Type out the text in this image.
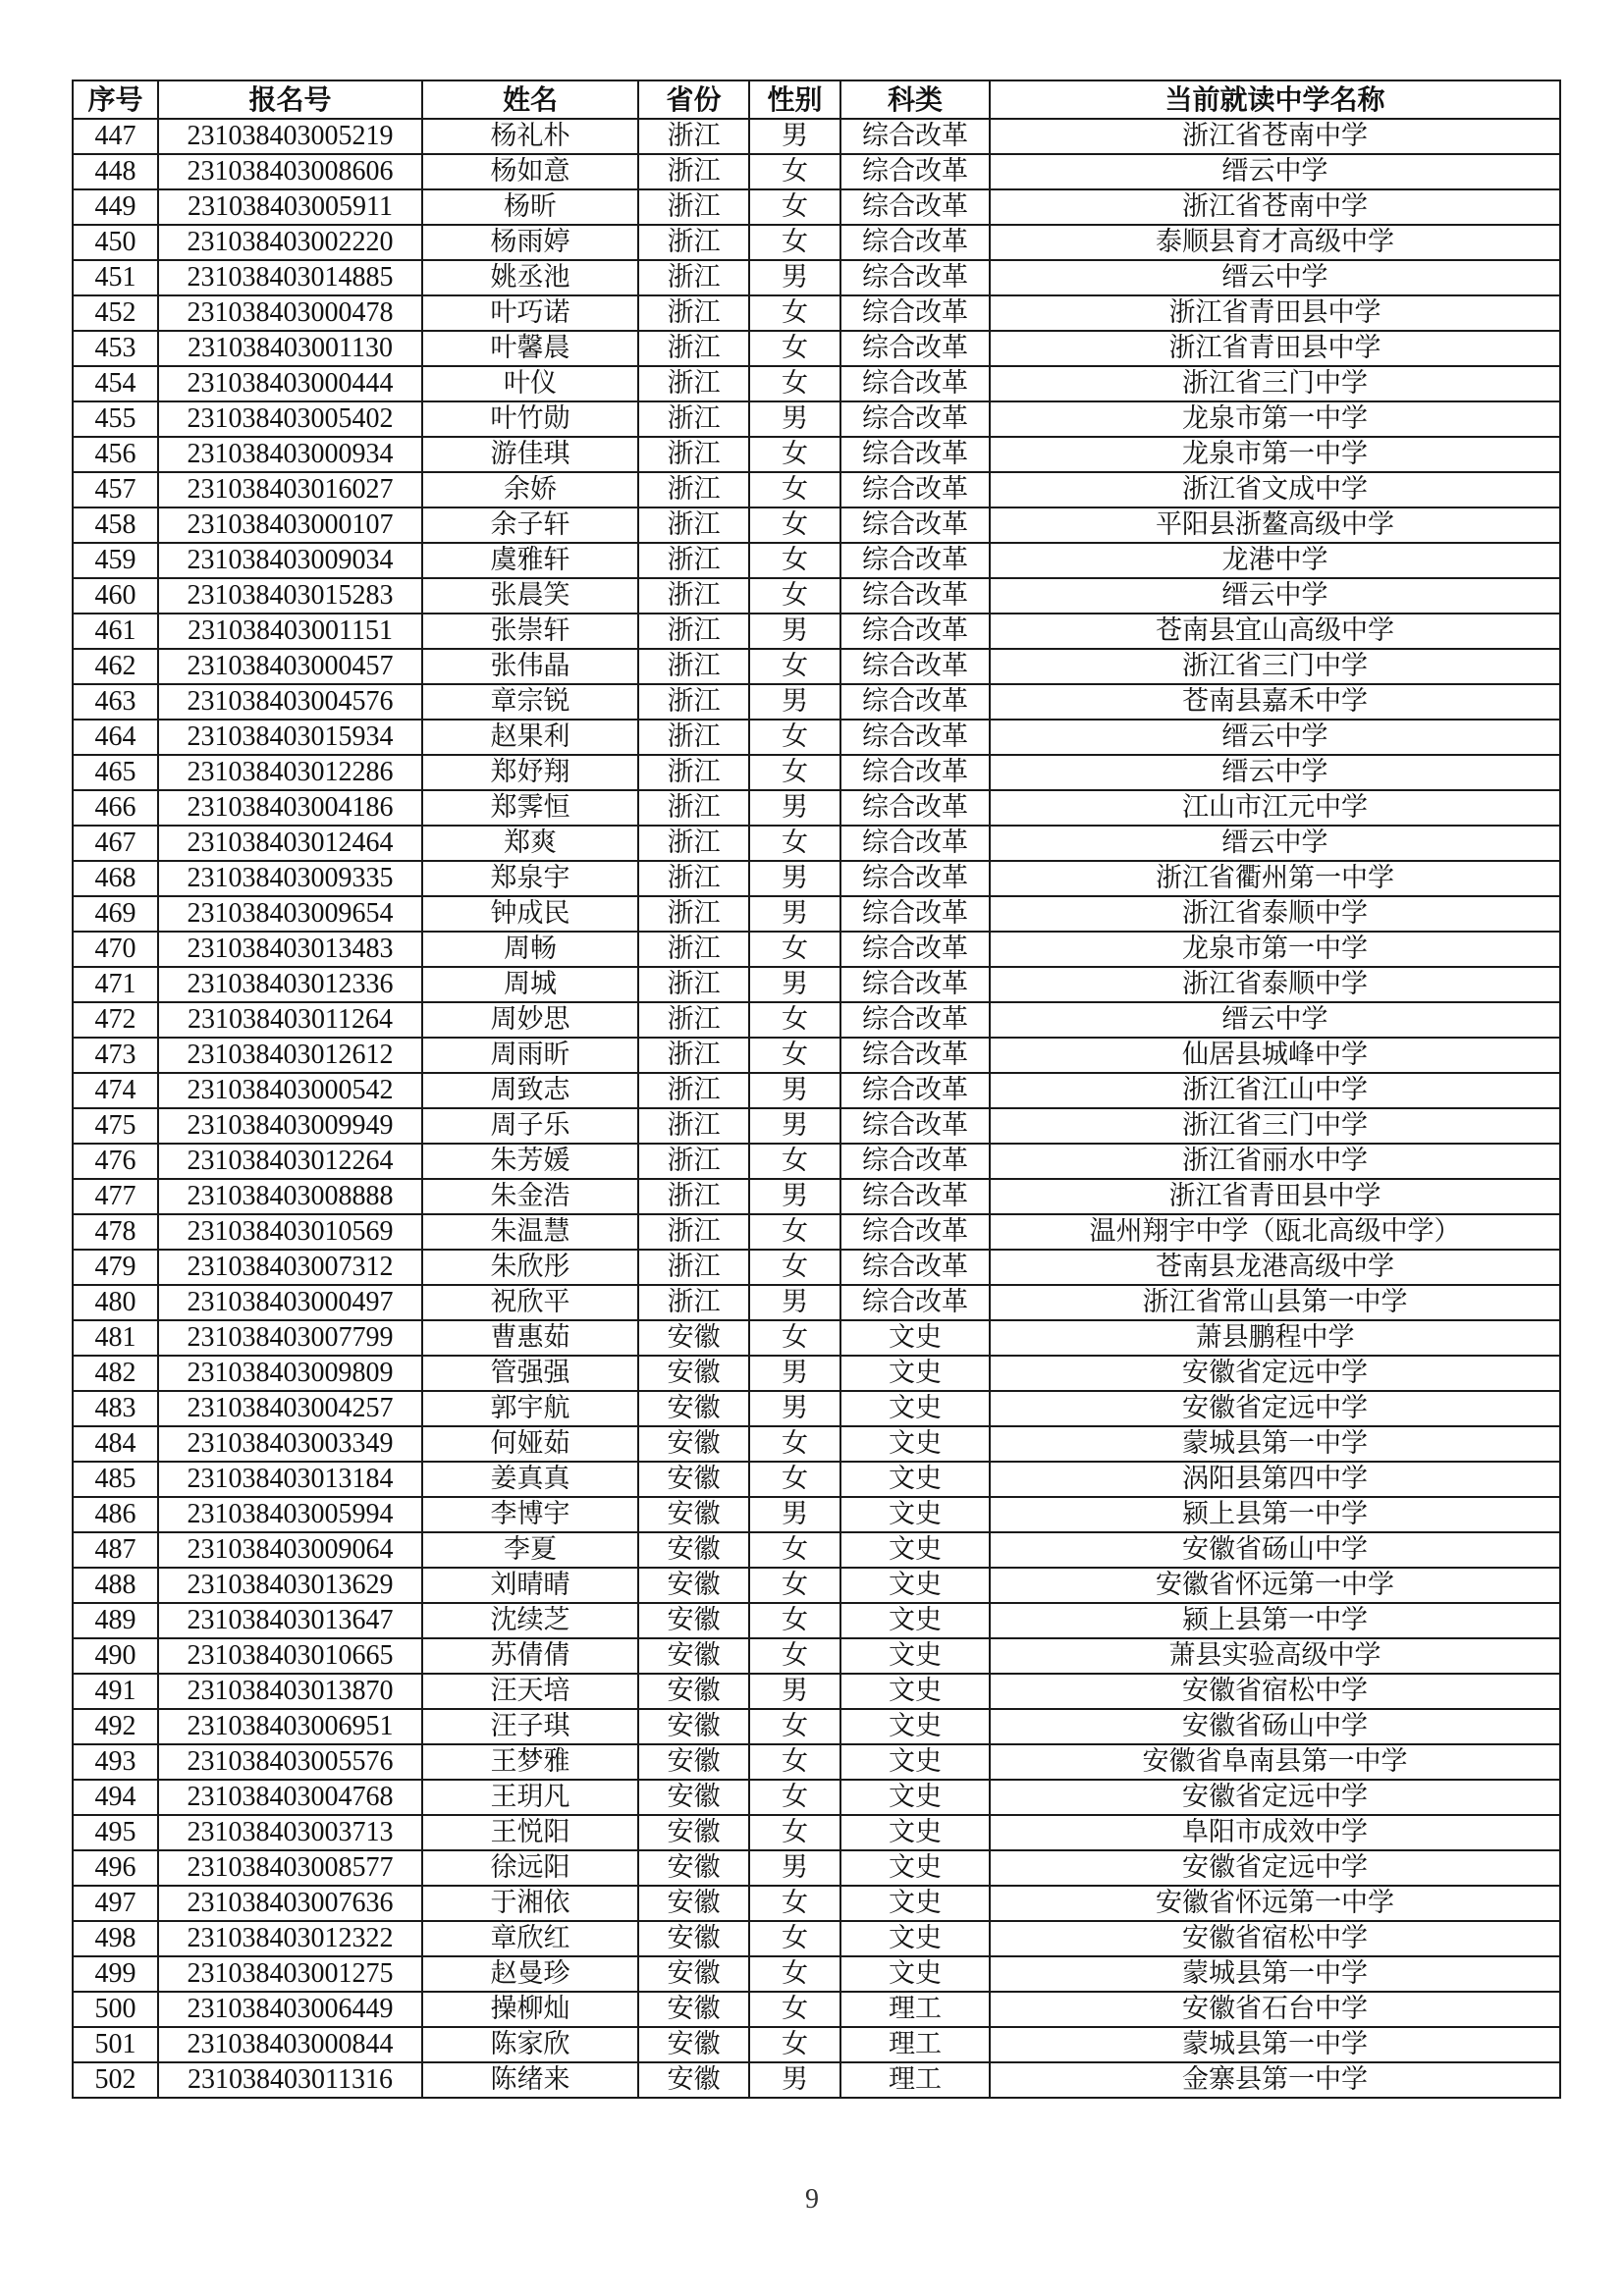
序号	报名号	姓名	省份	性别	科类	当前就读中学名称
447	231038403005219	杨礼朴	浙江	男	综合改革	浙江省苍南中学
448	231038403008606	杨如意	浙江	女	综合改革	缙云中学
449	231038403005911	杨昕	浙江	女	综合改革	浙江省苍南中学
450	231038403002220	杨雨婷	浙江	女	综合改革	泰顺县育才高级中学
451	231038403014885	姚丞池	浙江	男	综合改革	缙云中学
452	231038403000478	叶巧诺	浙江	女	综合改革	浙江省青田县中学
453	231038403001130	叶馨晨	浙江	女	综合改革	浙江省青田县中学
454	231038403000444	叶仪	浙江	女	综合改革	浙江省三门中学
455	231038403005402	叶竹勋	浙江	男	综合改革	龙泉市第一中学
456	231038403000934	游佳琪	浙江	女	综合改革	龙泉市第一中学
457	231038403016027	余娇	浙江	女	综合改革	浙江省文成中学
458	231038403000107	余子轩	浙江	女	综合改革	平阳县浙鳌高级中学
459	231038403009034	虞雅轩	浙江	女	综合改革	龙港中学
460	231038403015283	张晨笑	浙江	女	综合改革	缙云中学
461	231038403001151	张崇轩	浙江	男	综合改革	苍南县宜山高级中学
462	231038403000457	张伟晶	浙江	女	综合改革	浙江省三门中学
463	231038403004576	章宗锐	浙江	男	综合改革	苍南县嘉禾中学
464	231038403015934	赵果利	浙江	女	综合改革	缙云中学
465	231038403012286	郑妤翔	浙江	女	综合改革	缙云中学
466	231038403004186	郑霁恒	浙江	男	综合改革	江山市江元中学
467	231038403012464	郑爽	浙江	女	综合改革	缙云中学
468	231038403009335	郑泉宇	浙江	男	综合改革	浙江省衢州第一中学
469	231038403009654	钟成民	浙江	男	综合改革	浙江省泰顺中学
470	231038403013483	周畅	浙江	女	综合改革	龙泉市第一中学
471	231038403012336	周城	浙江	男	综合改革	浙江省泰顺中学
472	231038403011264	周妙思	浙江	女	综合改革	缙云中学
473	231038403012612	周雨昕	浙江	女	综合改革	仙居县城峰中学
474	231038403000542	周致志	浙江	男	综合改革	浙江省江山中学
475	231038403009949	周子乐	浙江	男	综合改革	浙江省三门中学
476	231038403012264	朱芳媛	浙江	女	综合改革	浙江省丽水中学
477	231038403008888	朱金浩	浙江	男	综合改革	浙江省青田县中学
478	231038403010569	朱温慧	浙江	女	综合改革	温州翔宇中学（瓯北高级中学）
479	231038403007312	朱欣彤	浙江	女	综合改革	苍南县龙港高级中学
480	231038403000497	祝欣平	浙江	男	综合改革	浙江省常山县第一中学
481	231038403007799	曹惠茹	安徽	女	文史	萧县鹏程中学
482	231038403009809	管强强	安徽	男	文史	安徽省定远中学
483	231038403004257	郭宇航	安徽	男	文史	安徽省定远中学
484	231038403003349	何娅茹	安徽	女	文史	蒙城县第一中学
485	231038403013184	姜真真	安徽	女	文史	涡阳县第四中学
486	231038403005994	李博宇	安徽	男	文史	颍上县第一中学
487	231038403009064	李夏	安徽	女	文史	安徽省砀山中学
488	231038403013629	刘晴晴	安徽	女	文史	安徽省怀远第一中学
489	231038403013647	沈续芝	安徽	女	文史	颍上县第一中学
490	231038403010665	苏倩倩	安徽	女	文史	萧县实验高级中学
491	231038403013870	汪天培	安徽	男	文史	安徽省宿松中学
492	231038403006951	汪子琪	安徽	女	文史	安徽省砀山中学
493	231038403005576	王梦雅	安徽	女	文史	安徽省阜南县第一中学
494	231038403004768	王玥凡	安徽	女	文史	安徽省定远中学
495	231038403003713	王悦阳	安徽	女	文史	阜阳市成效中学
496	231038403008577	徐远阳	安徽	男	文史	安徽省定远中学
497	231038403007636	于湘依	安徽	女	文史	安徽省怀远第一中学
498	231038403012322	章欣红	安徽	女	文史	安徽省宿松中学
499	231038403001275	赵曼珍	安徽	女	文史	蒙城县第一中学
500	231038403006449	操柳灿	安徽	女	理工	安徽省石台中学
501	231038403000844	陈家欣	安徽	女	理工	蒙城县第一中学
502	231038403011316	陈绪来	安徽	男	理工	金寨县第一中学
9
